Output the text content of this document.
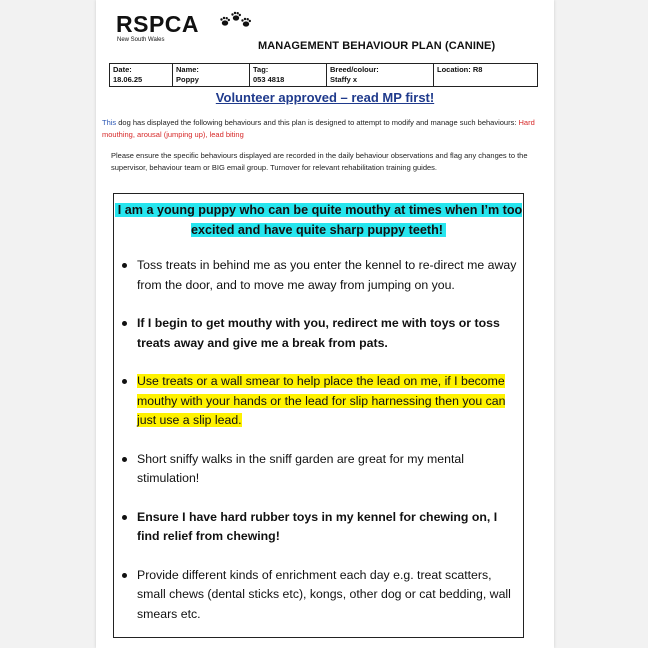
RSPCA
New South Wales	MANAGEMENT BEHAVIOUR PLAN (CANINE)
Date:
18.06.25

Name:
Poppy

Tag:
053 4818

Breed/colour:
Staffy x

Location: R8
Volunteer approved – read MP first!
This dog has displayed the following behaviours and this plan is designed to attempt to modify and manage such behaviours: Hard mouthing, arousal (jumping up), lead biting
Please ensure the specific behaviours displayed are recorded in the daily behaviour observations and flag any changes to the supervisor, behaviour team or BIG email group. Turnover for relevant rehabilitation training guides.
I am a young puppy who can be quite mouthy at times when I’m too excited and have quite sharp puppy teeth!
Toss treats in behind me as you enter the kennel to re-direct me away from the door, and to move me away from jumping on you.
If I begin to get mouthy with you, redirect me with toys or toss treats away and give me a break from pats.
Use treats or a wall smear to help place the lead on me, if I become mouthy with your hands or the lead for slip harnessing then you can just use a slip lead.
Short sniffy walks in the sniff garden are great for my mental stimulation!
Ensure I have hard rubber toys in my kennel for chewing on, I find relief from chewing!
Provide different kinds of enrichment each day e.g. treat scatters, small chews (dental sticks etc), kongs, other dog or cat bedding, wall smears etc.
